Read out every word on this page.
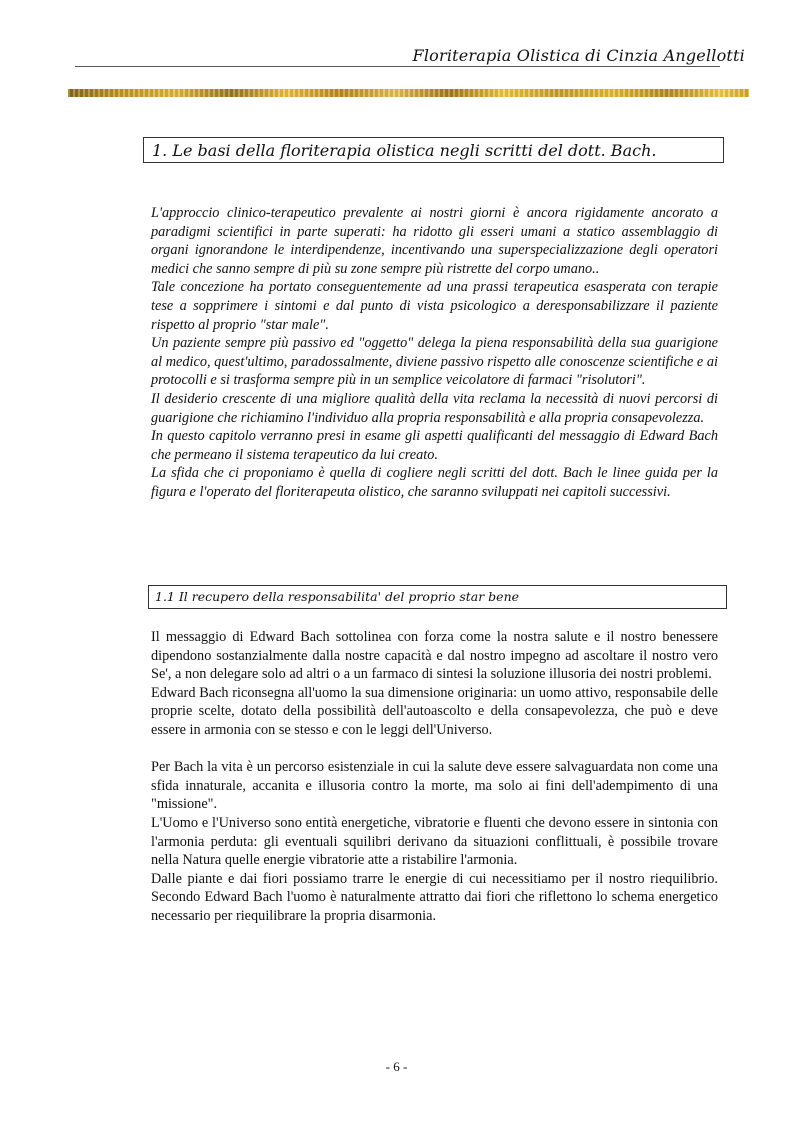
Floriterapia Olistica di Cinzia Angellotti
1. Le basi della floriterapia olistica negli scritti del dott. Bach.

L'approccio clinico-terapeutico prevalente ai nostri giorni è ancora rigidamente ancorato a paradigmi scientifici in parte superati: ha ridotto gli esseri umani a statico assemblaggio di organi ignorandone le interdipendenze, incentivando una superspecializzazione degli operatori medici che sanno sempre di più su zone sempre più ristrette del corpo umano..

Tale concezione ha portato conseguentemente ad una prassi terapeutica esasperata con terapie tese a sopprimere i sintomi e dal punto di vista psicologico a deresponsabilizzare il paziente rispetto al proprio "star male".

Un paziente sempre più passivo ed "oggetto" delega la piena responsabilità della sua guarigione al medico, quest'ultimo, paradossalmente, diviene passivo rispetto alle conoscenze scientifiche e ai protocolli e si trasforma sempre più in un semplice veicolatore di farmaci "risolutori".

Il desiderio crescente di una migliore qualità della vita reclama la necessità di nuovi percorsi di guarigione che richiamino l'individuo alla propria responsabilità e alla propria consapevolezza.

In questo capitolo verranno presi in esame gli aspetti qualificanti del messaggio di Edward Bach che permeano il sistema terapeutico da lui creato.

La sfida che ci proponiamo è quella di cogliere negli scritti del dott. Bach le linee guida per la figura e l'operato del floriterapeuta olistico, che saranno sviluppati nei capitoli successivi.

1.1 Il recupero della responsabilita' del proprio star bene

Il messaggio di Edward Bach sottolinea con forza come la nostra salute e il nostro benessere dipendono sostanzialmente dalla nostre capacità e dal nostro impegno ad ascoltare il nostro vero Se', a non delegare solo ad altri o a un farmaco di sintesi la soluzione illusoria dei nostri problemi.

Edward Bach riconsegna all'uomo la sua dimensione originaria: un uomo attivo, responsabile delle proprie scelte, dotato della possibilità dell'autoascolto e della consapevolezza, che può e deve essere in armonia con se stesso e con le leggi dell'Universo.

Per Bach la vita è un percorso esistenziale in cui la salute deve essere salvaguardata non come una sfida innaturale, accanita e illusoria contro la morte, ma solo ai fini dell'adempimento di una "missione".

L'Uomo e l'Universo sono entità energetiche, vibratorie e fluenti che devono essere in sintonia con l'armonia perduta: gli eventuali squilibri derivano da situazioni conflittuali, è possibile trovare nella Natura quelle energie vibratorie atte a ristabilire l'armonia.

Dalle piante e dai fiori possiamo trarre le energie di cui necessitiamo per il nostro riequilibrio. Secondo Edward Bach l'uomo è naturalmente attratto dai fiori che riflettono lo schema energetico necessario per riequilibrare la propria disarmonia.

- 6 -
